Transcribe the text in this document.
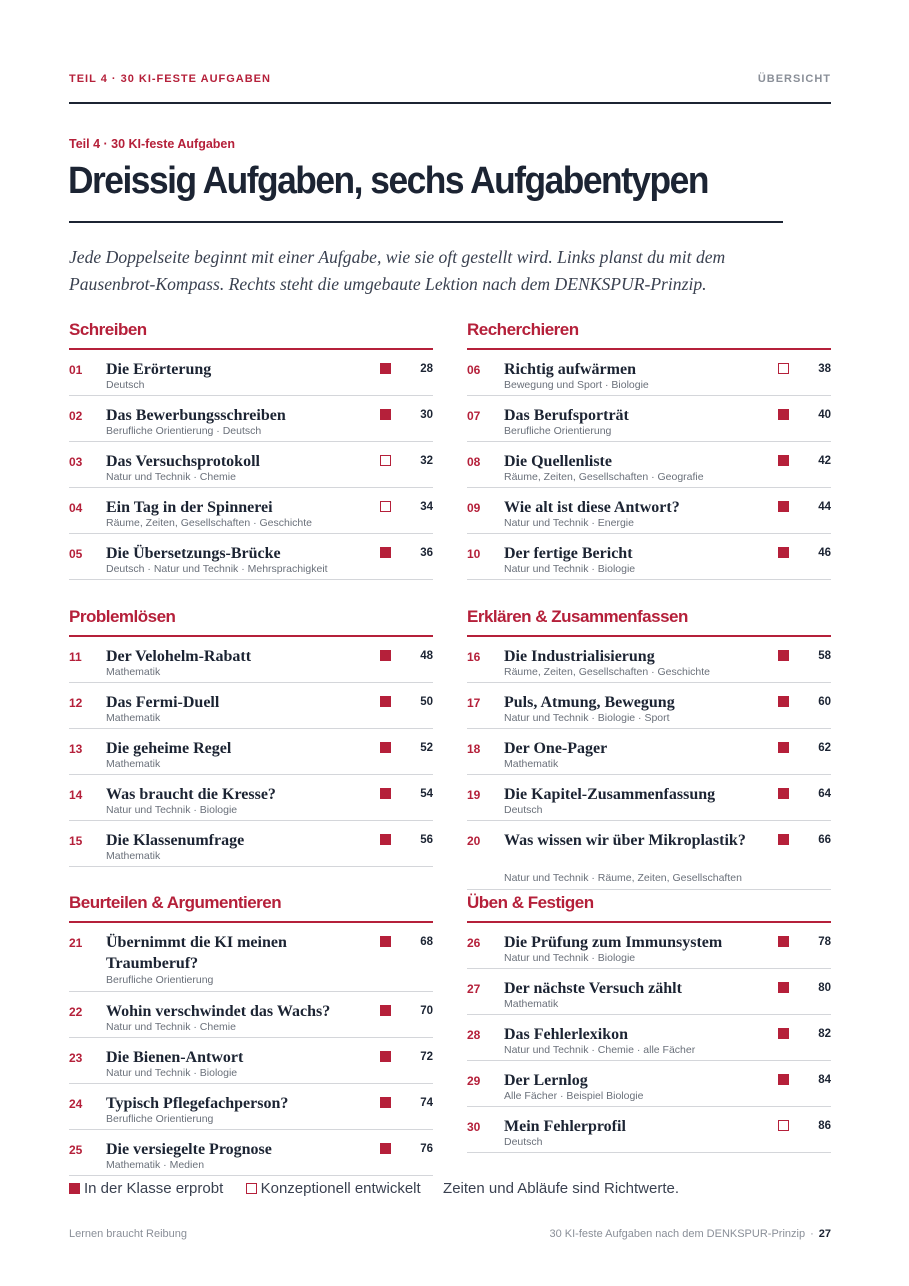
TEIL 4 · 30 KI-FESTE AUFGABEN	ÜBERSICHT
Teil 4 · 30 KI-feste Aufgaben
Dreissig Aufgaben, sechs Aufgabentypen

Jede Doppelseite beginnt mit einer Aufgabe, wie sie oft gestellt wird. Links planst du mit dem Pausenbrot-Kompass. Rechts steht die umgebaute Lektion nach dem DENKSPUR-Prinzip.

Schreiben
01 Die Erörterung
Deutsch
28
02 Das Bewerbungsschreiben
Berufliche Orientierung · Deutsch
30
03 Das Versuchsprotokoll
Natur und Technik · Chemie
32
04 Ein Tag in der Spinnerei
Räume, Zeiten, Gesellschaften · Geschichte
34
05 Die Übersetzungs-Brücke
Deutsch · Natur und Technik · Mehrsprachigkeit
36
Recherchieren
06 Richtig aufwärmen
Bewegung und Sport · Biologie
38
07 Das Berufsporträt
Berufliche Orientierung
40
08 Die Quellenliste
Räume, Zeiten, Gesellschaften · Geografie
42
09 Wie alt ist diese Antwort?
Natur und Technik · Energie
44
10 Der fertige Bericht
Natur und Technik · Biologie
46
Problemlösen
11 Der Velohelm-Rabatt
Mathematik
48
12 Das Fermi-Duell
Mathematik
50
13 Die geheime Regel
Mathematik
52
14 Was braucht die Kresse?
Natur und Technik · Biologie
54
15 Die Klassenumfrage
Mathematik
56
Erklären & Zusammenfassen
16 Die Industrialisierung
Räume, Zeiten, Gesellschaften · Geschichte
58
17 Puls, Atmung, Bewegung
Natur und Technik · Biologie · Sport
60
18 Der One-Pager
Mathematik
62
19 Die Kapitel-Zusammenfassung
Deutsch
64
20 Was wissen wir über Mikroplastik?
Natur und Technik · Räume, Zeiten, Gesellschaften
66
Beurteilen & Argumentieren
21 Übernimmt die KI meinen Traumberuf?
Berufliche Orientierung
68
22 Wohin verschwindet das Wachs?
Natur und Technik · Chemie
70
23 Die Bienen-Antwort
Natur und Technik · Biologie
72
24 Typisch Pflegefachperson?
Berufliche Orientierung
74
25 Die versiegelte Prognose
Mathematik · Medien
76
Üben & Festigen
26 Die Prüfung zum Immunsystem
Natur und Technik · Biologie
78
27 Der nächste Versuch zählt
Mathematik
80
28 Das Fehlerlexikon
Natur und Technik · Chemie · alle Fächer
82
29 Der Lernlog
Alle Fächer · Beispiel Biologie
84
30 Mein Fehlerprofil
Deutsch
86
In der Klasse erprobt Konzeptionell entwickelt Zeiten und Abläufe sind Richtwerte.
Lernen braucht Reibung	30 KI-feste Aufgaben nach dem DENKSPUR-Prinzip · 27
